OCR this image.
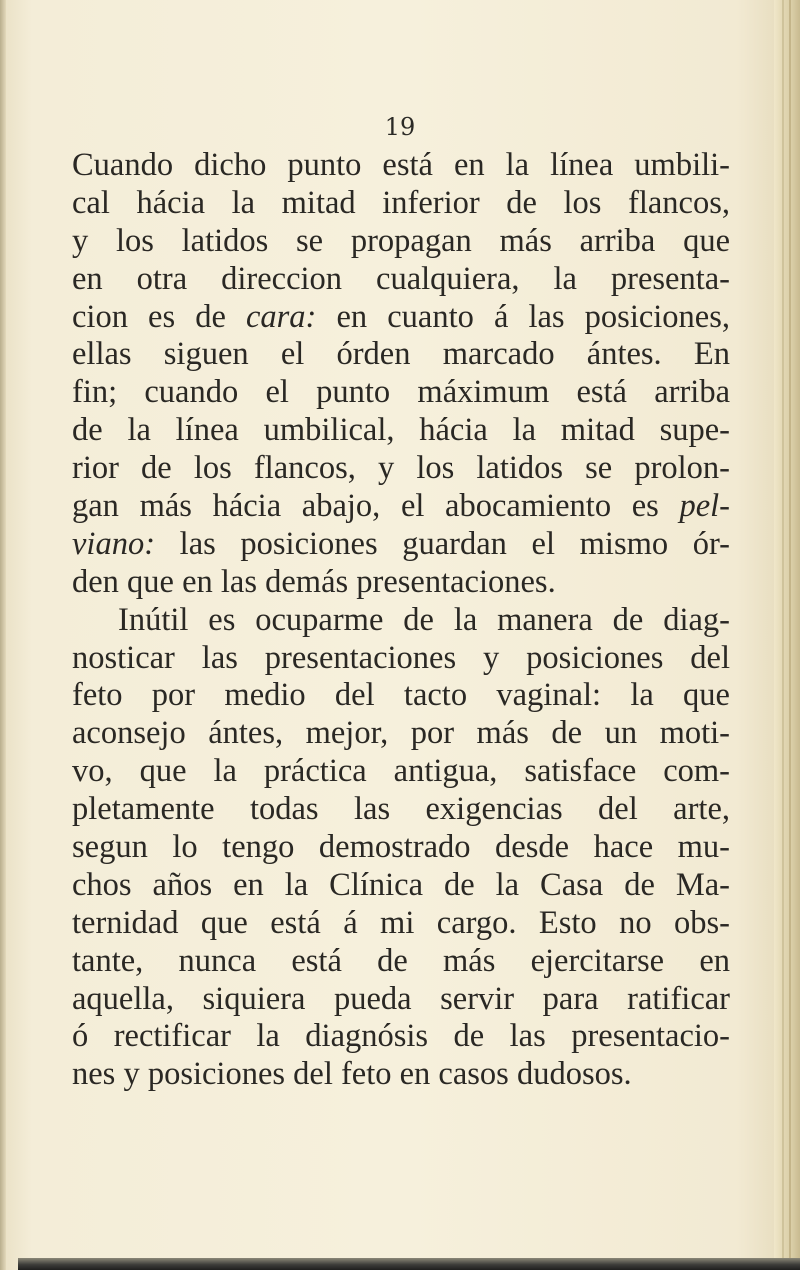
19

Cuando dicho punto está en la línea umbili-
cal hácia la mitad inferior de los flancos,
y los latidos se propagan más arriba que
en otra direccion cualquiera, la presenta-
cion es de cara: en cuanto á las posiciones,
ellas siguen el órden marcado ántes. En
fin; cuando el punto máximum está arriba
de la línea umbilical, hácia la mitad supe-
rior de los flancos, y los latidos se prolon-
gan más hácia abajo, el abocamiento es pel-
viano: las posiciones guardan el mismo ór-
den que en las demás presentaciones.
Inútil es ocuparme de la manera de diag-
nosticar las presentaciones y posiciones del
feto por medio del tacto vaginal: la que
aconsejo ántes, mejor, por más de un moti-
vo, que la práctica antigua, satisface com-
pletamente todas las exigencias del arte,
segun lo tengo demostrado desde hace mu-
chos años en la Clínica de la Casa de Ma-
ternidad que está á mi cargo. Esto no obs-
tante, nunca está de más ejercitarse en
aquella, siquiera pueda servir para ratificar
ó rectificar la diagnósis de las presentacio-
nes y posiciones del feto en casos dudosos.
